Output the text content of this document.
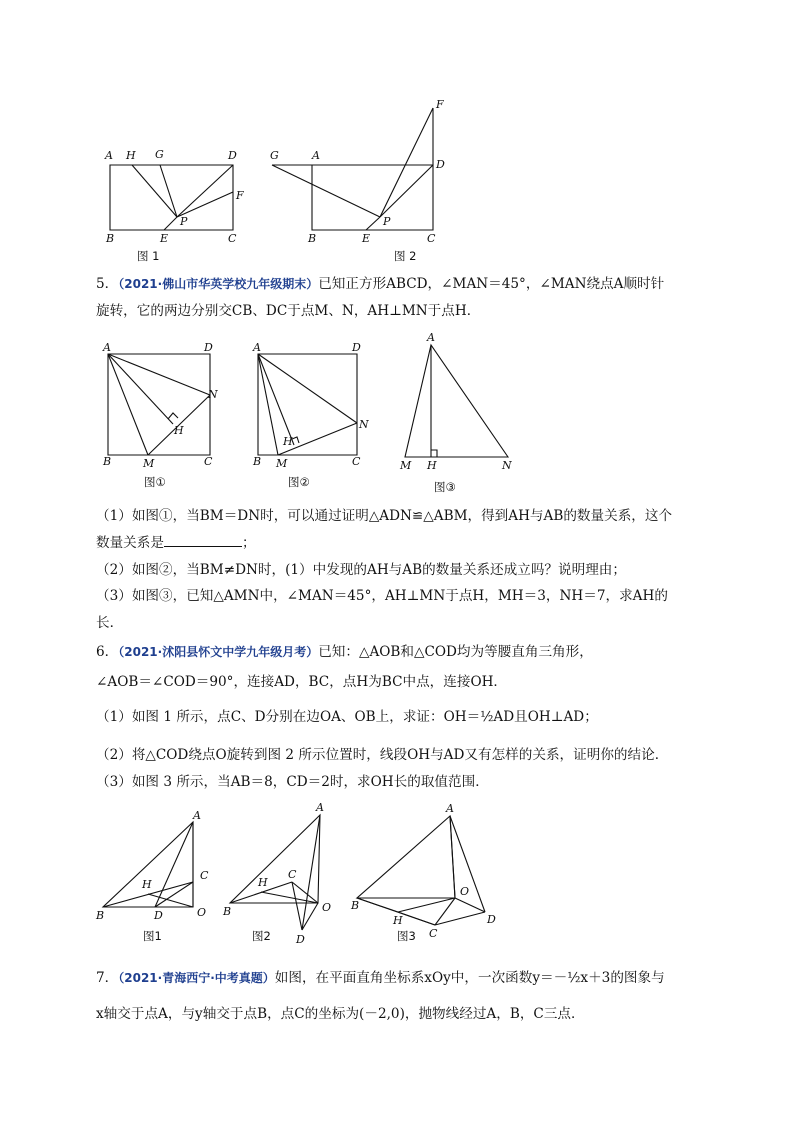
A H G	D
F
P
B	E	C
图 1
G	A
F
D
P
B	E	C
图 2
5．（2021·佛山市华英学校九年级期末）已知正方形ABCD，∠MAN＝45°，∠MAN绕点A顺时针
旋转，它的两边分别交CB、DC于点M、N，AH⊥MN于点H．
A	D
N
H
B	M	C
图①
A	D
N
H
B M	C
图②
A
M H	N
图③
（1）如图①，当BM＝DN时，可以通过证明△ADN≌△ABM，得到AH与AB的数量关系，这个
数量关系是	；
（2）如图②，当BM≠DN时，(1）中发现的AH与AB的数量关系还成立吗？说明理由；
（3）如图③，已知△AMN中，∠MAN＝45°，AH⊥MN于点H，MH＝3，NH＝7，求AH的
长．
6．（2021·沭阳县怀文中学九年级月考）已知：△AOB和△COD均为等腰直角三角形，
∠AOB＝∠COD＝90°，连接AD，BC，点H为BC中点，连接OH．
（1）如图 1 所示，点C、D分别在边OA、OB上，求证：OH＝½AD且OH⊥AD；
（2）将△COD绕点O旋转到图 2 所示位置时，线段OH与AD又有怎样的关系，证明你的结论．
（3）如图 3 所示，当AB＝8，CD＝2时，求OH长的取值范围．
A
C
H
B	D	O
图1
A
H
C
B	O
D
图2
A
O
B
H
C
D
图3
7．（2021·青海西宁·中考真题）如图，在平面直角坐标系xOy中，一次函数y＝－½x＋3的图象与
x轴交于点A，与y轴交于点B，点C的坐标为(－2,0)，抛物线经过A，B，C三点．
